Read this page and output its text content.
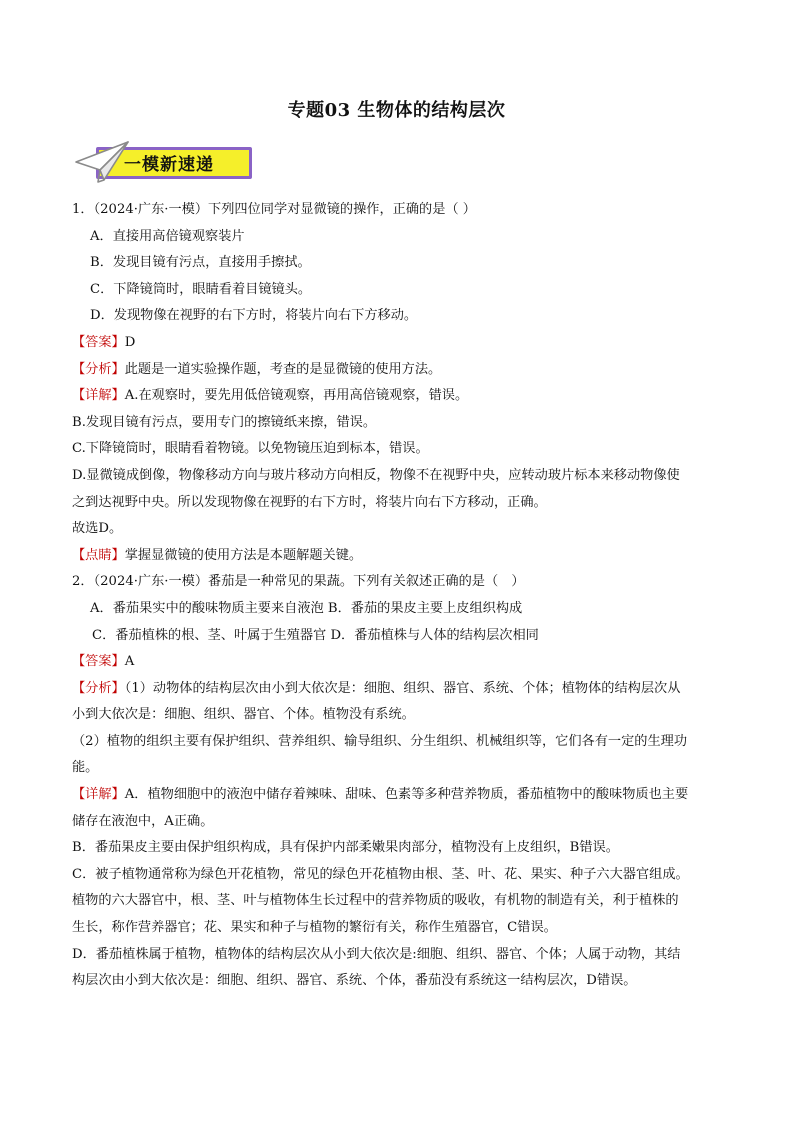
专题03 生物体的结构层次
一模新速递

1．（2024·广东·一模）下列四位同学对显微镜的操作，正确的是（ ）

A．直接用高倍镜观察装片

B．发现目镜有污点，直接用手擦拭。

C．下降镜筒时，眼睛看着目镜镜头。

D．发现物像在视野的右下方时，将装片向右下方移动。

【答案】D

【分析】此题是一道实验操作题，考查的是显微镜的使用方法。

【详解】A.在观察时，要先用低倍镜观察，再用高倍镜观察，错误。

B.发现目镜有污点，要用专门的擦镜纸来擦，错误。

C.下降镜筒时，眼睛看着物镜。以免物镜压迫到标本，错误。

D.显微镜成倒像，物像移动方向与玻片移动方向相反，物像不在视野中央，应转动玻片标本来移动物像使

之到达视野中央。所以发现物像在视野的右下方时，将装片向右下方移动，正确。

故选D。

【点睛】掌握显微镜的使用方法是本题解题关键。

2．（2024·广东·一模）番茄是一种常见的果蔬。下列有关叙述正确的是（　）

A．番茄果实中的酸味物质主要来自液泡 B．番茄的果皮主要上皮组织构成

C．番茄植株的根、茎、叶属于生殖器官 D．番茄植株与人体的结构层次相同

【答案】A

【分析】（1）动物体的结构层次由小到大依次是：细胞、组织、器官、系统、个体；植物体的结构层次从

小到大依次是：细胞、组织、器官、个体。植物没有系统。

（2）植物的组织主要有保护组织、营养组织、输导组织、分生组织、机械组织等，它们各有一定的生理功

能。

【详解】A．植物细胞中的液泡中储存着辣味、甜味、色素等多种营养物质，番茄植物中的酸味物质也主要

储存在液泡中，A正确。

B．番茄果皮主要由保护组织构成，具有保护内部柔嫩果肉部分，植物没有上皮组织，B错误。

C．被子植物通常称为绿色开花植物，常见的绿色开花植物由根、茎、叶、花、果实、种子六大器官组成。

植物的六大器官中，根、茎、叶与植物体生长过程中的营养物质的吸收，有机物的制造有关，利于植株的

生长，称作营养器官；花、果实和种子与植物的繁衍有关，称作生殖器官，C错误。

D．番茄植株属于植物，植物体的结构层次从小到大依次是:细胞、组织、器官、个体；人属于动物，其结

构层次由小到大依次是：细胞、组织、器官、系统、个体，番茄没有系统这一结构层次，D错误。
